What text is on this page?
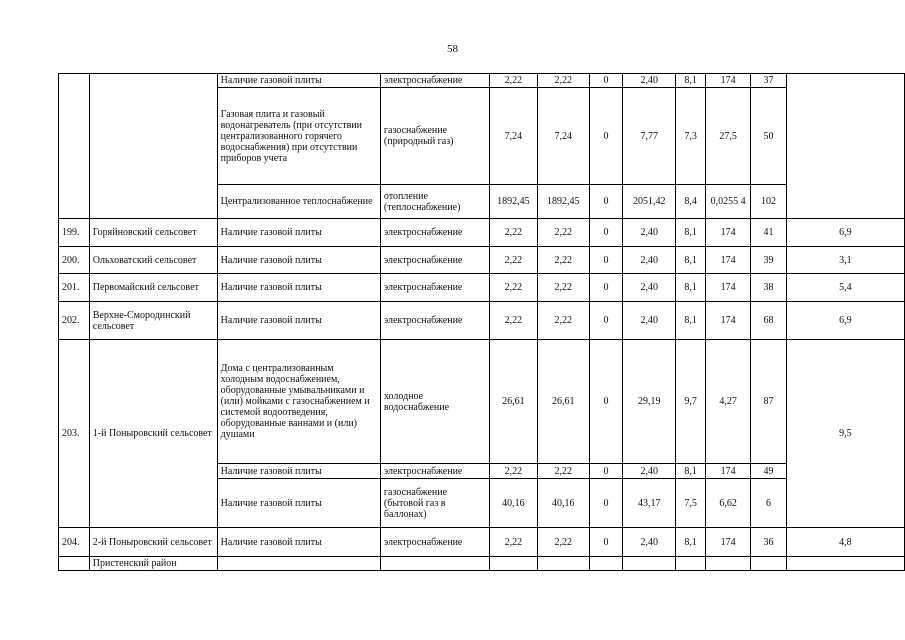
58
		Наличие газовой плиты	электроснабжение	2,22	2,22	0	2,40	8,1	174	37	
		Газовая плита и газовый водонагреватель (при отсутствии централизованного горячего водоснабжения) при отсутствии приборов учета	газоснабжение (природный газ)	7,24	7,24	0	7,77	7,3	27,5	50	
		Централизованное теплоснабжение	отопление (теплоснабжение)	1892,45	1892,45	0	2051,42	8,4	0,0255 4	102	
199.	Горяйновский сельсовет	Наличие газовой плиты	электроснабжение	2,22	2,22	0	2,40	8,1	174	41	6,9
200.	Ольховатский сельсовет	Наличие газовой плиты	электроснабжение	2,22	2,22	0	2,40	8,1	174	39	3,1
201.	Первомайский сельсовет	Наличие газовой плиты	электроснабжение	2,22	2,22	0	2,40	8,1	174	38	5,4
202.	Верхне-Смородинский сельсовет	Наличие газовой плиты	электроснабжение	2,22	2,22	0	2,40	8,1	174	68	6,9
203.	1-й Поныровский сельсовет	Дома с централизованным холодным водоснабжением, оборудованные умывальниками и (или) мойками с газоснабжением и системой водоотведения, оборудованные ваннами и (или) душами	холодное водоснабжение	26,61	26,61	0	29,19	9,7	4,27	87	9,5
		Наличие газовой плиты	электроснабжение	2,22	2,22	0	2,40	8,1	174	49	
		Наличие газовой плиты	газоснабжение (бытовой газ в баллонах)	40,16	40,16	0	43,17	7,5	6,62	6	
204.	2-й Поныровский сельсовет	Наличие газовой плиты	электроснабжение	2,22	2,22	0	2,40	8,1	174	36	4,8
	Пристенский район										
